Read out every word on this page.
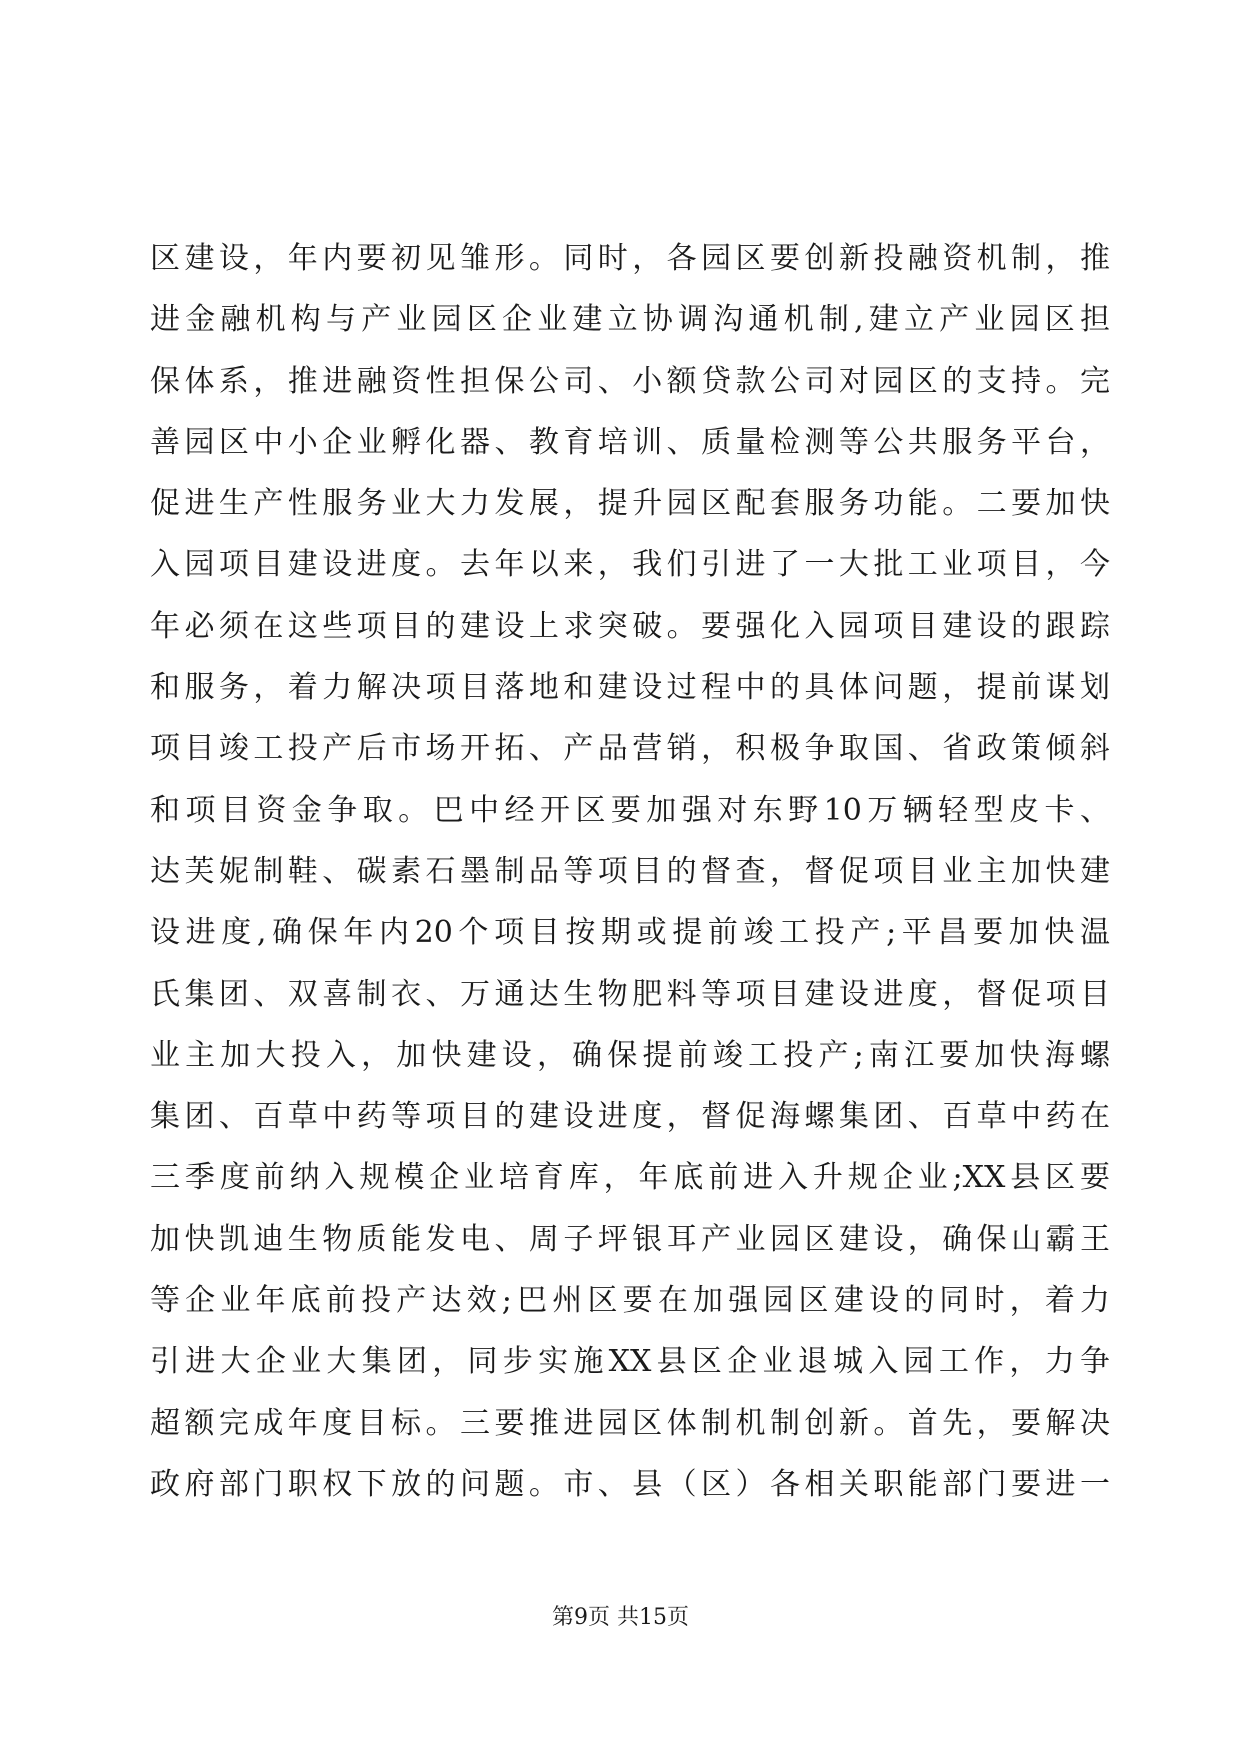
区建设，年内要初见雏形。同时，各园区要创新投融资机制，推
进金融机构与产业园区企业建立协调沟通机制,建立产业园区担
保体系，推进融资性担保公司、小额贷款公司对园区的支持。完
善园区中小企业孵化器、教育培训、质量检测等公共服务平台，
促进生产性服务业大力发展，提升园区配套服务功能。二要加快
入园项目建设进度。去年以来，我们引进了一大批工业项目，今
年必须在这些项目的建设上求突破。要强化入园项目建设的跟踪
和服务，着力解决项目落地和建设过程中的具体问题，提前谋划
项目竣工投产后市场开拓、产品营销，积极争取国、省政策倾斜
和项目资金争取。巴中经开区要加强对东野10万辆轻型皮卡、
达芙妮制鞋、碳素石墨制品等项目的督查，督促项目业主加快建
设进度,确保年内20个项目按期或提前竣工投产;平昌要加快温
氏集团、双喜制衣、万通达生物肥料等项目建设进度，督促项目
业主加大投入，加快建设，确保提前竣工投产;南江要加快海螺
集团、百草中药等项目的建设进度，督促海螺集团、百草中药在
三季度前纳入规模企业培育库，年底前进入升规企业;XX县区要
加快凯迪生物质能发电、周子坪银耳产业园区建设，确保山霸王
等企业年底前投产达效;巴州区要在加强园区建设的同时，着力
引进大企业大集团，同步实施XX县区企业退城入园工作，力争
超额完成年度目标。三要推进园区体制机制创新。首先，要解决
政府部门职权下放的问题。市、县（区）各相关职能部门要进一
第9页 共15页
